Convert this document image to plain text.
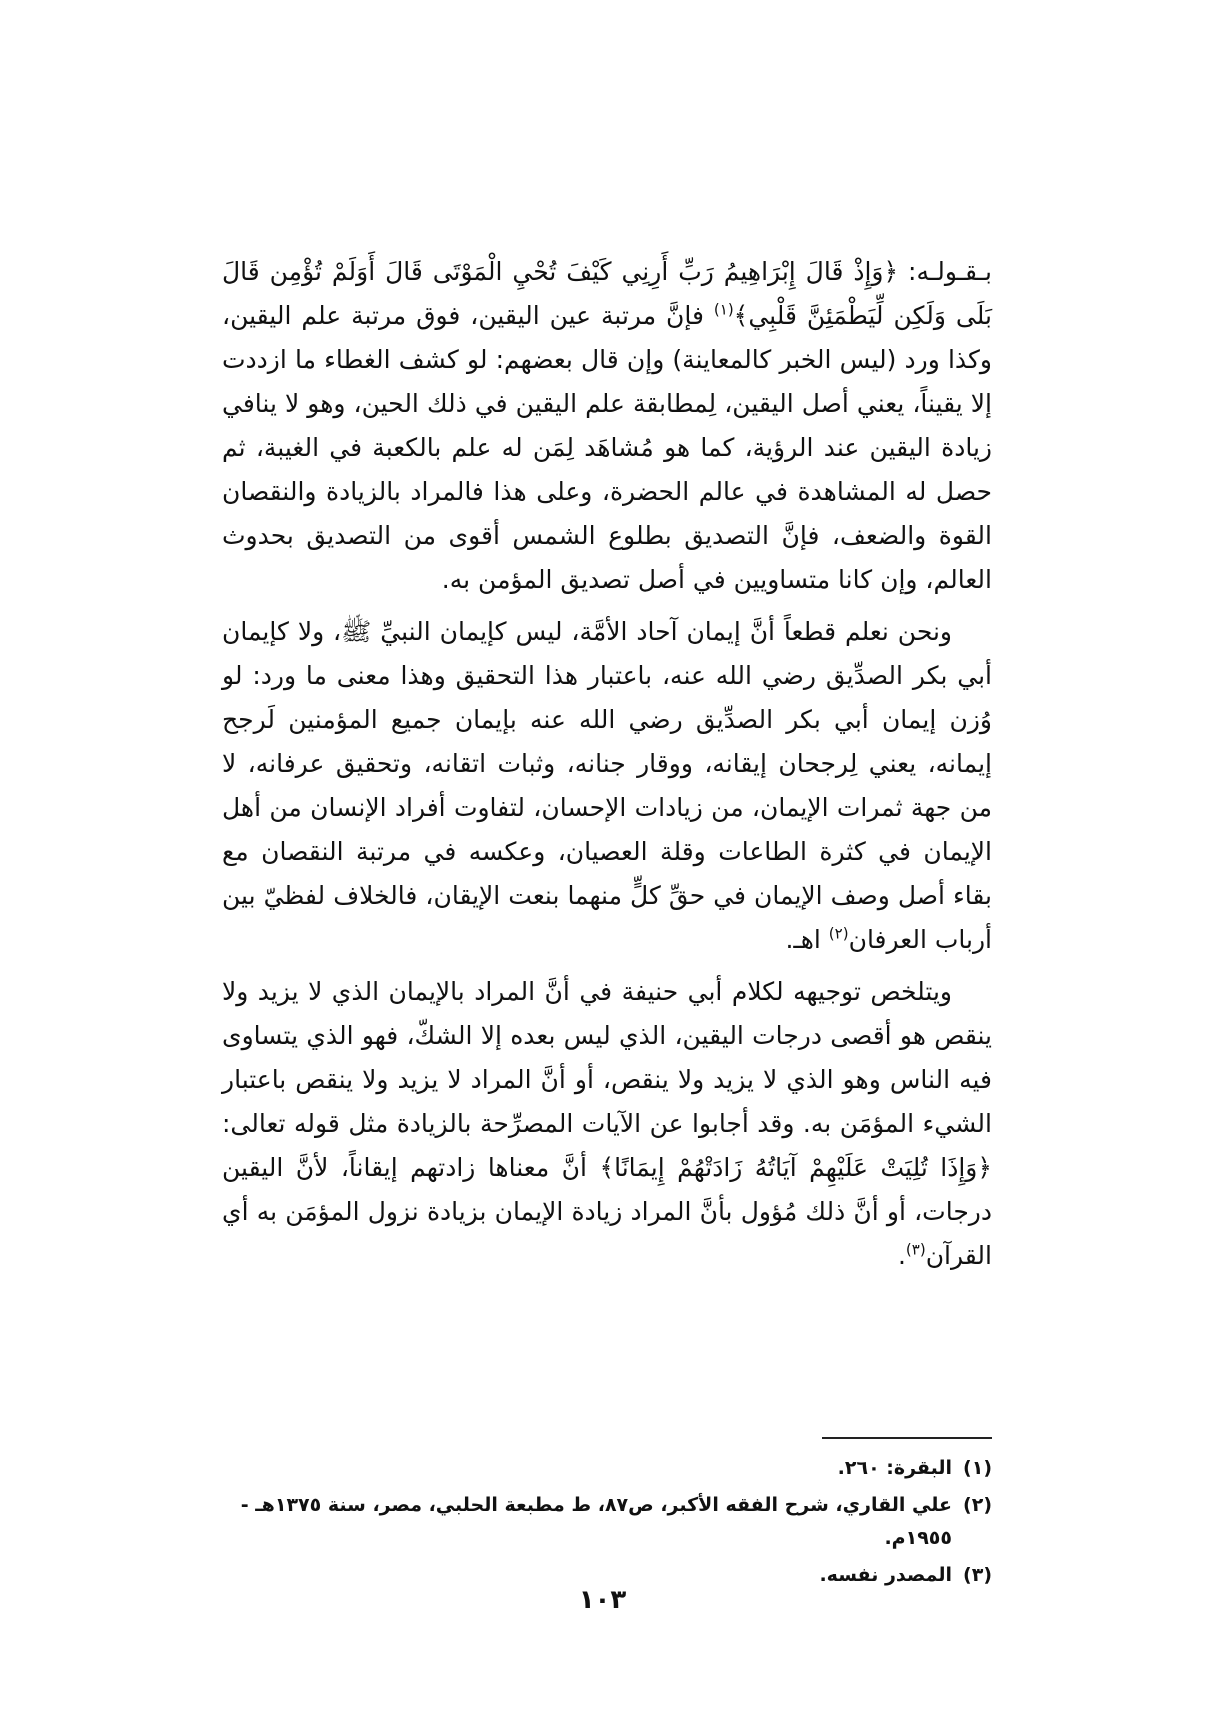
بـقـولـه: ﴿وَإِذْ قَالَ إِبْرَاهِيمُ رَبِّ أَرِنِي كَيْفَ تُحْيِ الْمَوْتَى قَالَ أَوَلَمْ تُؤْمِن قَالَ بَلَى وَلَكِن لِّيَطْمَئِنَّ قَلْبِي﴾$^{(١)}$ فإنَّ مرتبة عين اليقين، فوق مرتبة علم اليقين، وكذا ورد (ليس الخبر كالمعاينة) وإن قال بعضهم: لو كشف الغطاء ما ازددت إلا يقيناً، يعني أصل اليقين، لِمطابقة علم اليقين في ذلك الحين، وهو لا ينافي زيادة اليقين عند الرؤية، كما هو مُشاهَد لِمَن له علم بالكعبة في الغيبة، ثم حصل له المشاهدة في عالم الحضرة، وعلى هذا فالمراد بالزيادة والنقصان القوة والضعف، فإنَّ التصديق بطلوع الشمس أقوى من التصديق بحدوث العالم، وإن كانا متساويين في أصل تصديق المؤمن به.

ونحن نعلم قطعاً أنَّ إيمان آحاد الأمَّة، ليس كإيمان النبيِّ ﷺ، ولا كإيمان أبي بكر الصدِّيق رضي الله عنه، باعتبار هذا التحقيق وهذا معنى ما ورد: لو وُزن إيمان أبي بكر الصدِّيق رضي الله عنه بإيمان جميع المؤمنين لَرجح إيمانه، يعني لِرجحان إيقانه، ووقار جنانه، وثبات اتقانه، وتحقيق عرفانه، لا من جهة ثمرات الإيمان، من زيادات الإحسان، لتفاوت أفراد الإنسان من أهل الإيمان في كثرة الطاعات وقلة العصيان، وعكسه في مرتبة النقصان مع بقاء أصل وصف الإيمان في حقِّ كلٍّ منهما بنعت الإيقان، فالخلاف لفظيّ بين أرباب العرفان$^{(٢)}$ اهـ.

ويتلخص توجيهه لكلام أبي حنيفة في أنَّ المراد بالإيمان الذي لا يزيد ولا ينقص هو أقصى درجات اليقين، الذي ليس بعده إلا الشكّ، فهو الذي يتساوى فيه الناس وهو الذي لا يزيد ولا ينقص، أو أنَّ المراد لا يزيد ولا ينقص باعتبار الشيء المؤمَن به. وقد أجابوا عن الآيات المصرِّحة بالزيادة مثل قوله تعالى: ﴿وَإِذَا تُلِيَتْ عَلَيْهِمْ آيَاتُهُ زَادَتْهُمْ إِيمَانًا﴾ أنَّ معناها زادتهم إيقاناً، لأنَّ اليقين درجات، أو أنَّ ذلك مُؤول بأنَّ المراد زيادة الإيمان بزيادة نزول المؤمَن به أي القرآن$^{(٣)}$.

(١)
البقرة: ٢٦٠.

(٢)
علي القاري، شرح الفقه الأكبر، ص٨٧، ط مطبعة الحلبي، مصر، سنة ١٣٧٥هـ - ١٩٥٥م.

(٣)
المصدر نفسه.

١٠٣
